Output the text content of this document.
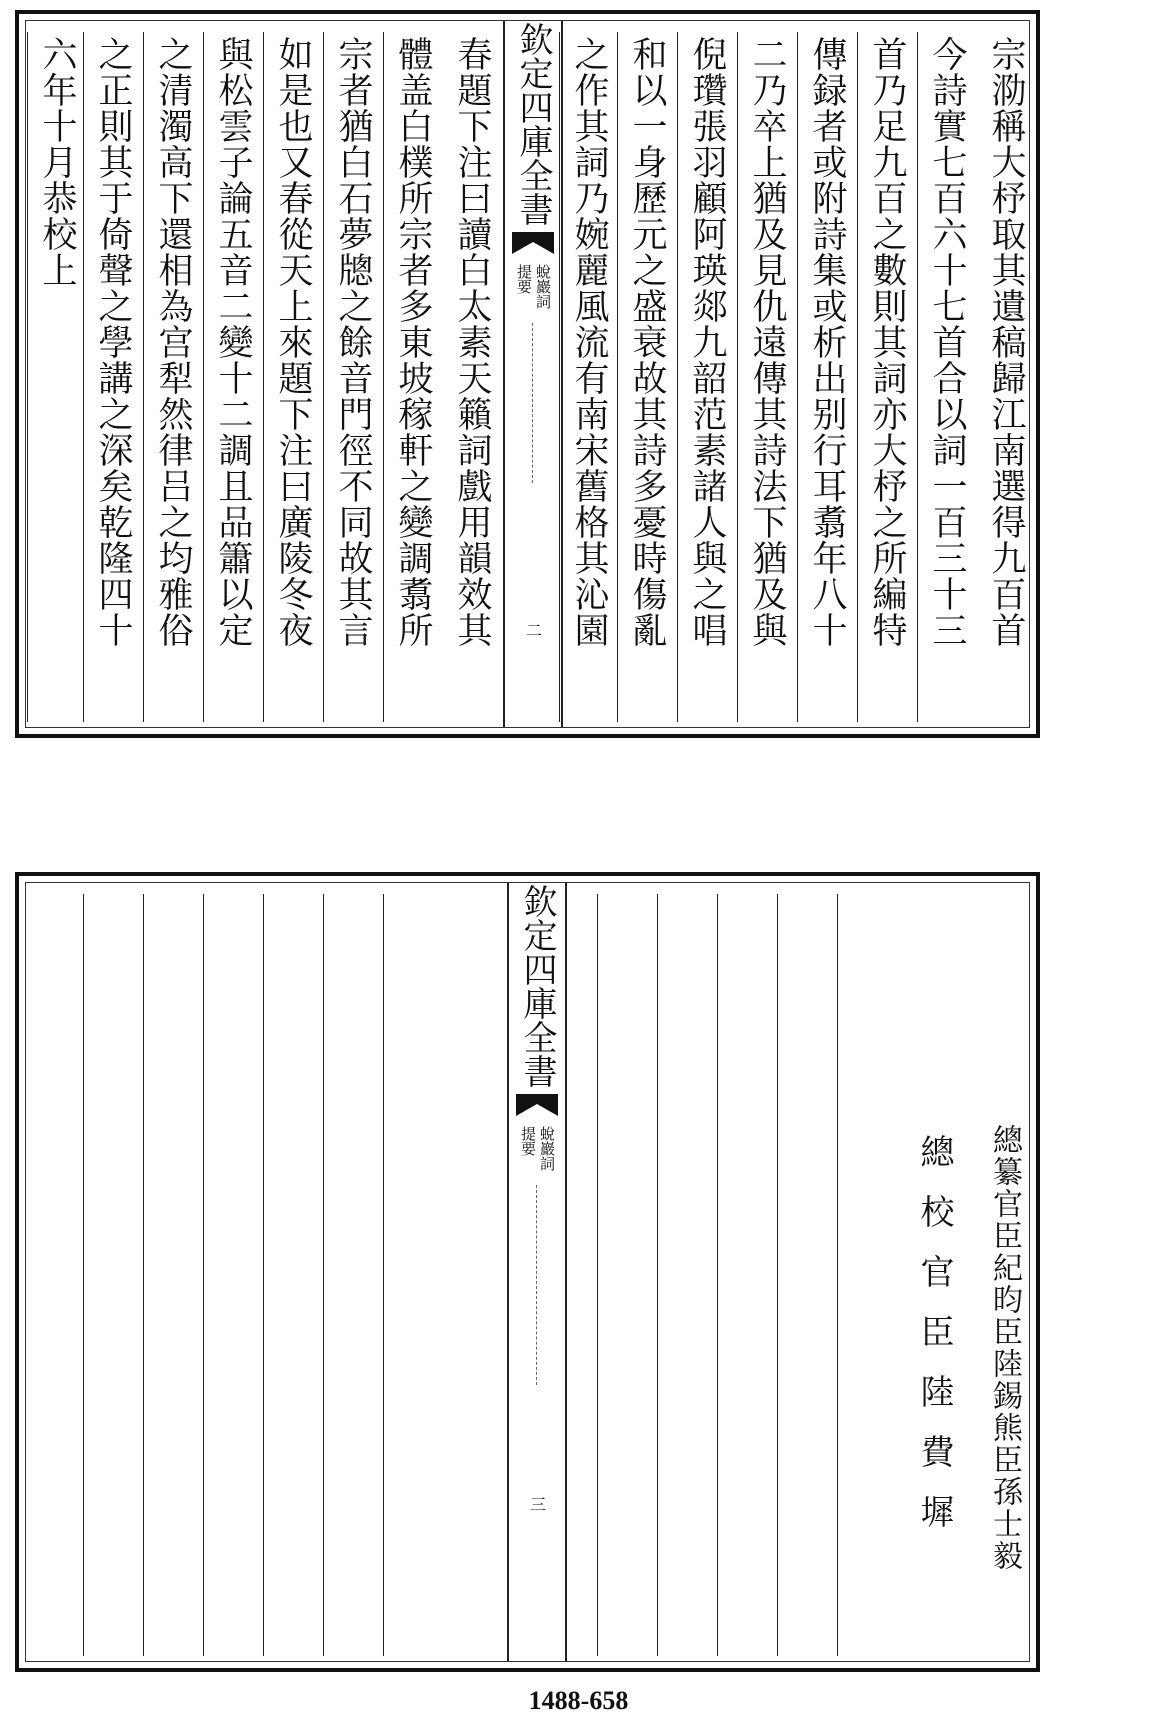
宗泐稱大杼取其遺稿歸江南選得九百首
今詩實七百六十七首合以詞一百三十三
首乃足九百之數則其詞亦大杼之所編特
傳録者或附詩集或析出别行耳翥年八十
二乃卒上猶及見仇遠傳其詩法下猶及與
倪瓚張羽顧阿瑛郯九韶范素諸人與之唱
和以一身歷元之盛衰故其詩多憂時傷亂
之作其詞乃婉麗風流有南宋舊格其沁園
欽定四庫全書
蛻巖詞
提要
二
春題下注曰讀白太素天籟詞戲用韻效其
體盖白樸所宗者多東坡稼軒之變調翥所
宗者猶白石夢牕之餘音門徑不同故其言
如是也又春從天上來題下注曰廣陵冬夜
與松雲子論五音二變十二調且品簫以定
之清濁高下還相為宫犁然律吕之均雅俗
之正則其于倚聲之學講之深矣乾隆四十
六年十月恭校上
總纂官臣紀昀臣陸錫熊臣孫士毅
總校官臣陸費墀
欽定四庫全書
蛻巖詞
提要
三
1488-658
